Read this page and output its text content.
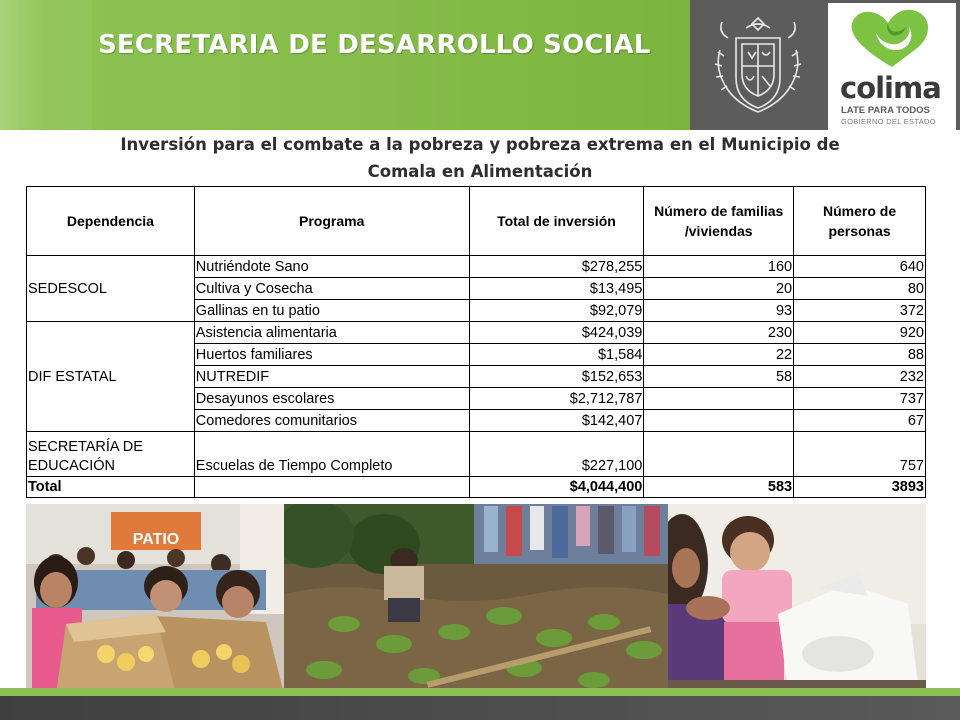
SECRETARIA DE DESARROLLO SOCIAL
colima
LATE PARA TODOS
GOBIERNO DEL ESTADO
Inversión para el combate a la pobreza y pobreza extrema en el Municipio de
Comala en Alimentación
Dependencia	Programa	Total de inversión	Número de familias /viviendas	Número de personas
SEDESCOL	Nutriéndote Sano	$278,255	160	640
	Cultiva y Cosecha	$13,495	20	80
	Gallinas en tu patio	$92,079	93	372
DIF ESTATAL	Asistencia alimentaria	$424,039	230	920
	Huertos familiares	$1,584	22	88
	NUTREDIF	$152,653	58	232
	Desayunos escolares	$2,712,787		737
	Comedores comunitarios	$142,407		67
SECRETARÍA DE EDUCACIÓN	Escuelas de Tiempo Completo	$227,100		757
Total		$4,044,400	583	3893
PATIO
